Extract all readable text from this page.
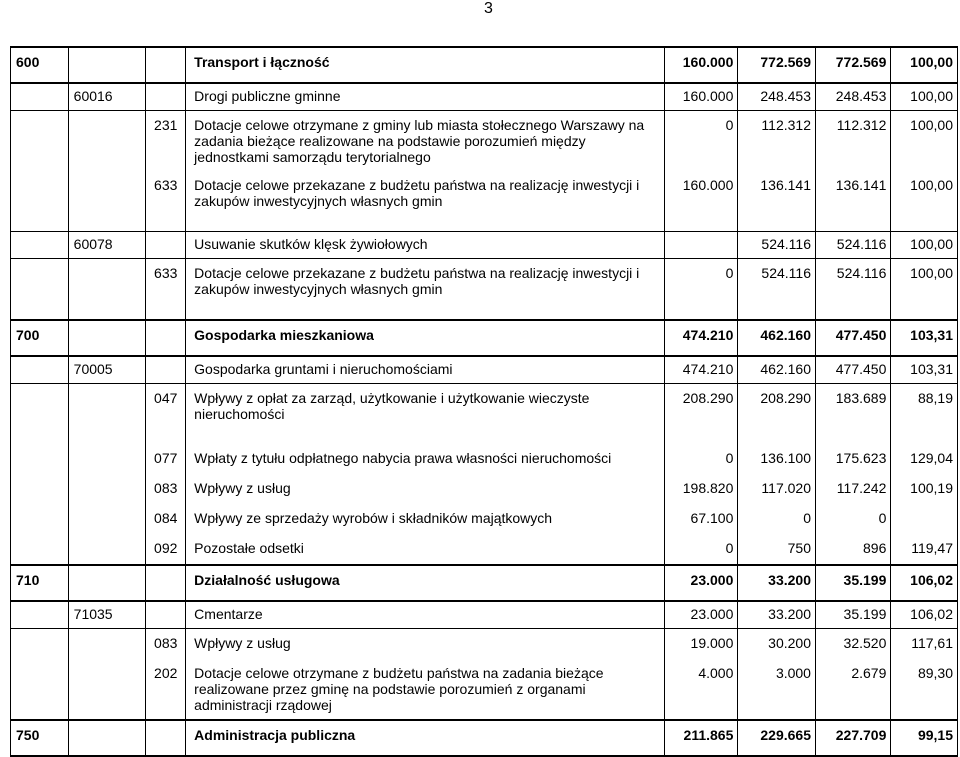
3
600			Transport i łączność	160.000	772.569	772.569	100,00
	60016		Drogi publiczne gminne	160.000	248.453	248.453	100,00
		231	Dotacje celowe otrzymane z gminy lub miasta stołecznego Warszawy na zadania bieżące realizowane na podstawie porozumień między jednostkami samorządu terytorialnego	0	112.312	112.312	100,00
		633	Dotacje celowe przekazane z budżetu państwa na realizację inwestycji i zakupów inwestycyjnych własnych gmin	160.000	136.141	136.141	100,00
	60078		Usuwanie skutków klęsk żywiołowych		524.116	524.116	100,00
		633	Dotacje celowe przekazane z budżetu państwa na realizację inwestycji i zakupów inwestycyjnych własnych gmin	0	524.116	524.116	100,00
700			Gospodarka mieszkaniowa	474.210	462.160	477.450	103,31
	70005		Gospodarka gruntami i nieruchomościami	474.210	462.160	477.450	103,31
		047	Wpływy z opłat za zarząd, użytkowanie i użytkowanie wieczyste nieruchomości	208.290	208.290	183.689	88,19
		077	Wpłaty z tytułu odpłatnego nabycia prawa własności nieruchomości	0	136.100	175.623	129,04
		083	Wpływy z usług	198.820	117.020	117.242	100,19
		084	Wpływy ze sprzedaży wyrobów i składników majątkowych	67.100	0	0	
		092	Pozostałe odsetki	0	750	896	119,47
710			Działalność usługowa	23.000	33.200	35.199	106,02
	71035		Cmentarze	23.000	33.200	35.199	106,02
		083	Wpływy z usług	19.000	30.200	32.520	117,61
		202	Dotacje celowe otrzymane z budżetu państwa na zadania bieżące realizowane przez gminę na podstawie porozumień z organami administracji rządowej	4.000	3.000	2.679	89,30
750			Administracja publiczna	211.865	229.665	227.709	99,15
